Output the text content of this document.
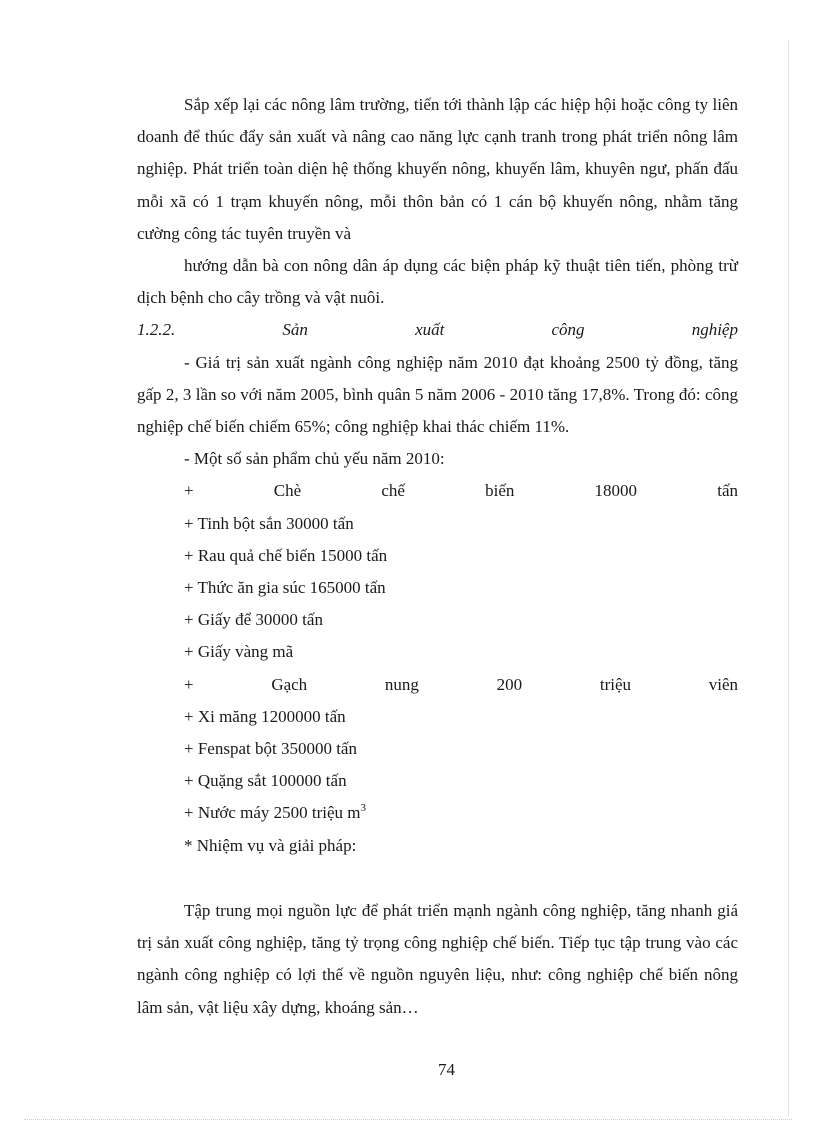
Sắp xếp lại các nông lâm trường, tiến tới thành lập các hiệp hội hoặc công ty liên doanh để thúc đẩy sản xuất và nâng cao năng lực cạnh tranh trong phát triển nông lâm nghiệp. Phát triển toàn diện hệ thống khuyến nông, khuyến lâm, khuyên ngư, phấn đấu mỗi xã có 1 trạm khuyến nông, mỗi thôn bản có 1 cán bộ khuyến nông, nhằm tăng cường công tác tuyên truyền và

hướng dẫn bà con nông dân áp dụng các biện pháp kỹ thuật tiên tiến, phòng trừ dịch bệnh cho cây trồng và vật nuôi.

1.2.2.	Sản	xuất	công	nghiệp

- Giá trị sản xuất ngành công nghiệp năm 2010 đạt khoảng 2500 tỷ đồng, tăng gấp 2, 3 lần so với năm 2005, bình quân 5 năm 2006 - 2010 tăng 17,8%. Trong đó: công nghiệp chế biến chiếm 65%; công nghiệp khai thác chiếm 11%.

- Một số sản phẩm chủ yếu năm 2010:

+	Chè	chế	biến	18000	tấn

+ Tinh bột sắn 30000 tấn

+ Rau quả chế biến 15000 tấn

+ Thức ăn gia súc 165000 tấn

+ Giấy để 30000 tấn

+ Giấy vàng mã

+	Gạch	nung	200	triệu	viên

+ Xi măng 1200000 tấn

+ Fenspat bột 350000 tấn

+ Quặng sắt 100000 tấn

+ Nước máy 2500 triệu $m^3$

* Nhiệm vụ và giải pháp:

Tập trung mọi nguồn lực để phát triển mạnh ngành công nghiệp, tăng nhanh giá trị sản xuất công nghiệp, tăng tỷ trọng công nghiệp chế biến. Tiếp tục tập trung vào các ngành công nghiệp có lợi thế về nguồn nguyên liệu, như: công nghiệp chế biến nông lâm sản, vật liệu xây dựng, khoáng sản…

74
